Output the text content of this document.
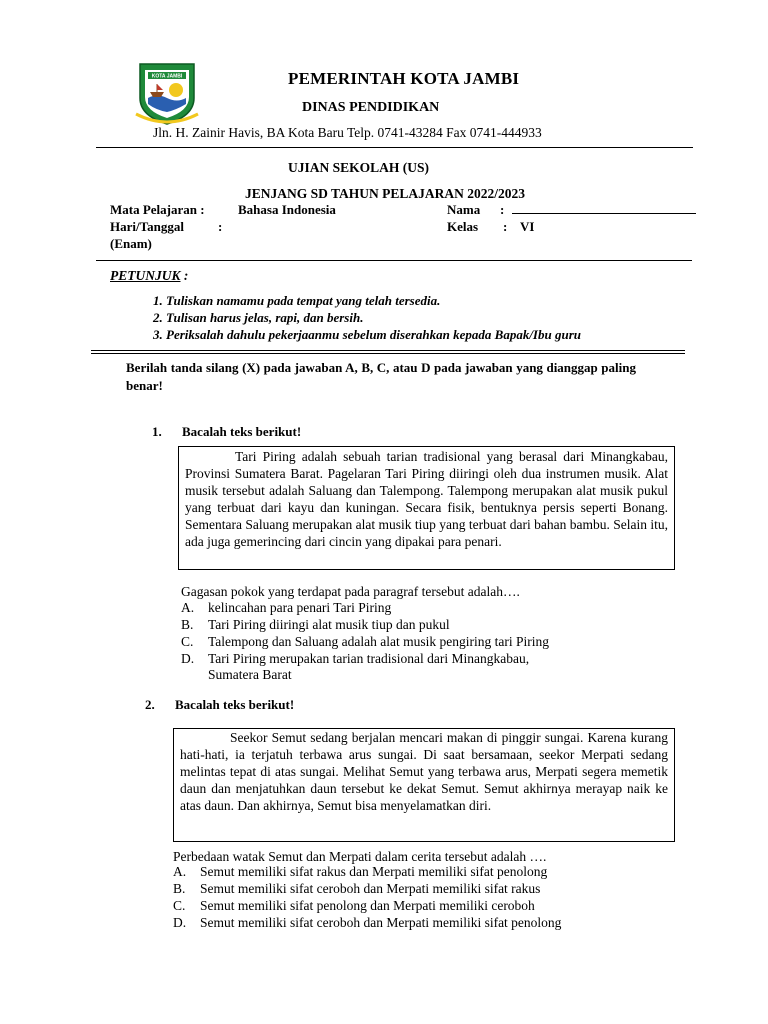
KOTA JAMBI	PEMERINTAH KOTA JAMBI
DINAS PENDIDIKAN
Jln. H. Zainir Havis, BA Kota Baru Telp. 0741-43284 Fax 0741-444933
UJIAN SEKOLAH (US)
JENJANG SD TAHUN PELAJARAN 2022/2023
Mata Pelajaran :	Bahasa Indonesia	Nama :
Hari/Tanggal	:	Kelas : VI
(Enam)
PETUNJUK :
1. Tuliskan namamu pada tempat yang telah tersedia.
2. Tulisan harus jelas, rapi, dan bersih.
3. Periksalah dahulu pekerjaanmu sebelum diserahkan kepada Bapak/Ibu guru
Berilah tanda silang (X) pada jawaban A, B, C, atau D pada jawaban yang dianggap paling benar!
1. Bacalah teks berikut!

Tari Piring adalah sebuah tarian tradisional yang berasal dari Minangkabau, Provinsi Sumatera Barat. Pagelaran Tari Piring diiringi oleh dua instrumen musik. Alat musik tersebut adalah Saluang dan Talempong. Talempong merupakan alat musik pukul yang terbuat dari kayu dan kuningan. Secara fisik, bentuknya persis seperti Bonang. Sementara Saluang merupakan alat musik tiup yang terbuat dari bahan bambu. Selain itu, ada juga gemerincing dari cincin yang dipakai para penari.

Gagasan pokok yang terdapat pada paragraf tersebut adalah….
A. kelincahan para penari Tari Piring
B. Tari Piring diiringi alat musik tiup dan pukul
C. Talempong dan Saluang adalah alat musik pengiring tari Piring
D. Tari Piring merupakan tarian tradisional dari Minangkabau,
Sumatera Barat
2. Bacalah teks berikut!

Seekor Semut sedang berjalan mencari makan di pinggir sungai. Karena kurang hati-hati, ia terjatuh terbawa arus sungai. Di saat bersamaan, seekor Merpati sedang melintas tepat di atas sungai. Melihat Semut yang terbawa arus, Merpati segera memetik daun dan menjatuhkan daun tersebut ke dekat Semut. Semut akhirnya merayap naik ke atas daun. Dan akhirnya, Semut bisa menyelamatkan diri.

Perbedaan watak Semut dan Merpati dalam cerita tersebut adalah ….
A. Semut memiliki sifat rakus dan Merpati memiliki sifat penolong
B. Semut memiliki sifat ceroboh dan Merpati memiliki sifat rakus
C. Semut memiliki sifat penolong dan Merpati memiliki ceroboh
D. Semut memiliki sifat ceroboh dan Merpati memiliki sifat penolong
